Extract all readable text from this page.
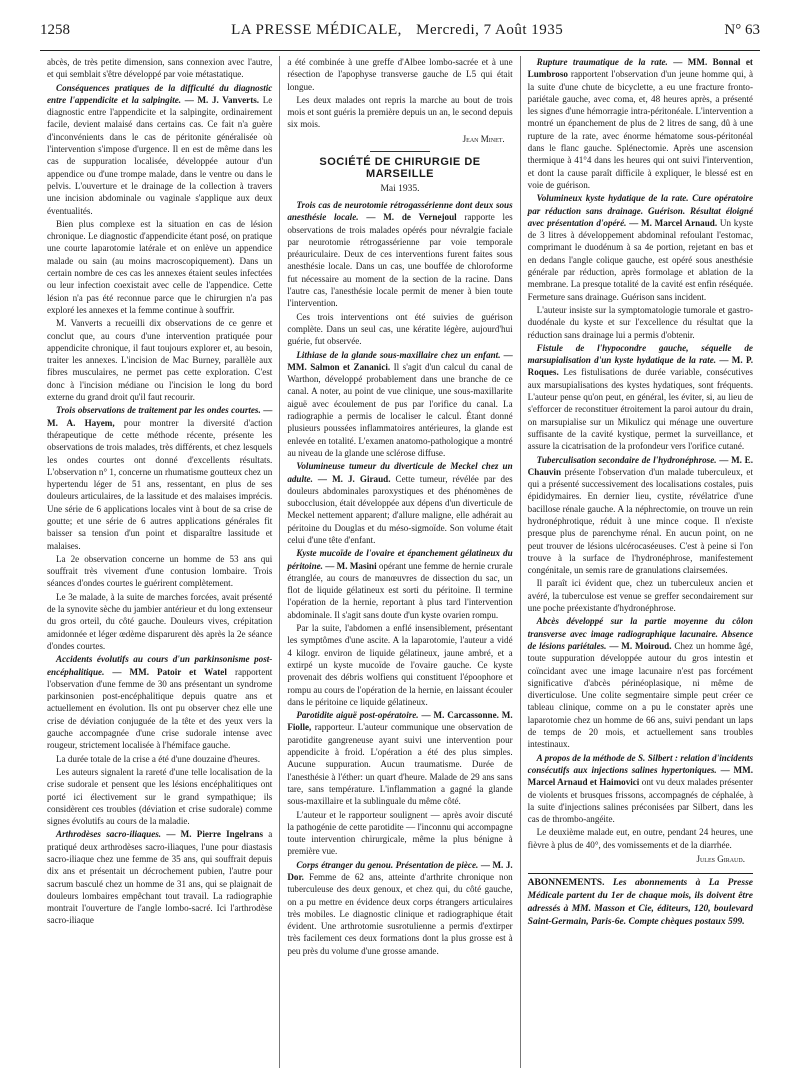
1258	LA PRESSE MÉDICALE, Mercredi, 7 Août 1935	N° 63

abcès, de très petite dimension, sans connexion avec l'autre, et qui semblait s'être développé par voie métastatique.

Conséquences pratiques de la difficulté du diagnostic entre l'appendicite et la salpingite. — M. J. Vanverts. Le diagnostic entre l'appendicite et la salpingite, ordinairement facile, devient malaisé dans certains cas. Ce fait n'a guère d'inconvénients dans le cas de péritonite généralisée où l'intervention s'impose d'urgence. Il en est de même dans les cas de suppuration localisée, développée autour d'un appendice ou d'une trompe malade, dans le ventre ou dans le pelvis. L'ouverture et le drainage de la collection à travers une incision abdominale ou vaginale s'applique aux deux éventualités.

Bien plus complexe est la situation en cas de lésion chronique. Le diagnostic d'appendicite étant posé, on pratique une courte laparotomie latérale et on enlève un appendice malade ou sain (au moins macroscopiquement). Dans un certain nombre de ces cas les annexes étaient seules infectées ou leur infection coexistait avec celle de l'appendice. Cette lésion n'a pas été reconnue parce que le chirurgien n'a pas exploré les annexes et la femme continue à souffrir.

M. Vanverts a recueilli dix observations de ce genre et conclut que, au cours d'une intervention pratiquée pour appendicite chronique, il faut toujours explorer et, au besoin, traiter les annexes. L'incision de Mac Burney, parallèle aux fibres musculaires, ne permet pas cette exploration. C'est donc à l'incision médiane ou l'incision le long du bord externe du grand droit qu'il faut recourir.

Trois observations de traitement par les ondes courtes. — M. A. Hayem, pour montrer la diversité d'action thérapeutique de cette méthode récente, présente les observations de trois malades, très différents, et chez lesquels les ondes courtes ont donné d'excellents résultats. L'observation n° 1, concerne un rhumatisme goutteux chez un hypertendu léger de 51 ans, ressentant, en plus de ses douleurs articulaires, de la lassitude et des malaises imprécis. Une série de 6 applications locales vint à bout de sa crise de goutte; et une série de 6 autres applications générales fit baisser sa tension d'un point et disparaître lassitude et malaises.

La 2e observation concerne un homme de 53 ans qui souffrait très vivement d'une contusion lombaire. Trois séances d'ondes courtes le guérirent complètement.

Le 3e malade, à la suite de marches forcées, avait présenté de la synovite sèche du jambier antérieur et du long extenseur du gros orteil, du côté gauche. Douleurs vives, crépitation amidonnée et léger œdème disparurent dès après la 2e séance d'ondes courtes.

Accidents évolutifs au cours d'un parkinsonisme post-encéphalitique. — MM. Patoir et Watel rapportent l'observation d'une femme de 30 ans présentant un syndrome parkinsonien post-encéphalitique depuis quatre ans et actuellement en évolution. Ils ont pu observer chez elle une crise de déviation conjuguée de la tête et des yeux vers la gauche accompagnée d'une crise sudorale intense avec rougeur, strictement localisée à l'hémiface gauche.

La durée totale de la crise a été d'une douzaine d'heures.

Les auteurs signalent la rareté d'une telle localisation de la crise sudorale et pensent que les lésions encéphalitiques ont porté ici électivement sur le grand sympathique; ils considèrent ces troubles (déviation et crise sudorale) comme signes évolutifs au cours de la maladie.

Arthrodèses sacro-iliaques. — M. Pierre Ingelrans a pratiqué deux arthrodèses sacro-iliaques, l'une pour diastasis sacro-iliaque chez une femme de 35 ans, qui souffrait depuis dix ans et présentait un décrochement pubien, l'autre pour sacrum basculé chez un homme de 31 ans, qui se plaignait de douleurs lombaires empêchant tout travail. La radiographie montrait l'ouverture de l'angle lombo-sacré. Ici l'arthrodèse sacro-iliaque

a été combinée à une greffe d'Albee lombo-sacrée et à une résection de l'apophyse transverse gauche de L5 qui était longue.

Les deux malades ont repris la marche au bout de trois mois et sont guéris la première depuis un an, le second depuis six mois.

Jean Minet.
SOCIÉTÉ DE CHIRURGIE DE MARSEILLE
Mai 1935.

Trois cas de neurotomie rétrogassérienne dont deux sous anesthésie locale. — M. de Vernejoul rapporte les observations de trois malades opérés pour névralgie faciale par neurotomie rétrogassérienne par voie temporale préauriculaire. Deux de ces interventions furent faites sous anesthésie locale. Dans un cas, une bouffée de chloroforme fut nécessaire au moment de la section de la racine. Dans l'autre cas, l'anesthésie locale permit de mener à bien toute l'intervention.

Ces trois interventions ont été suivies de guérison complète. Dans un seul cas, une kératite légère, aujourd'hui guérie, fut observée.

Lithiase de la glande sous-maxillaire chez un enfant. — MM. Salmon et Zananici. Il s'agit d'un calcul du canal de Warthon, développé probablement dans une branche de ce canal. A noter, au point de vue clinique, une sous-maxillarite aiguë avec écoulement de pus par l'orifice du canal. La radiographie a permis de localiser le calcul. Étant donné plusieurs poussées inflammatoires antérieures, la glande est enlevée en totalité. L'examen anatomo-pathologique a montré au niveau de la glande une sclérose diffuse.

Volumineuse tumeur du diverticule de Meckel chez un adulte. — M. J. Giraud. Cette tumeur, révélée par des douleurs abdominales paroxystiques et des phénomènes de subocclusion, était développée aux dépens d'un diverticule de Meckel nettement apparent; d'allure maligne, elle adhérait au péritoine du Douglas et du méso-sigmoïde. Son volume était celui d'une tête d'enfant.

Kyste mucoïde de l'ovaire et épanchement gélatineux du péritoine. — M. Masini opérant une femme de hernie crurale étranglée, au cours de manœuvres de dissection du sac, un flot de liquide gélatineux est sorti du péritoine. Il termine l'opération de la hernie, reportant à plus tard l'intervention abdominale. Il s'agit sans doute d'un kyste ovarien rompu.

Par la suite, l'abdomen a enflé insensiblement, présentant les symptômes d'une ascite. A la laparotomie, l'auteur a vidé 4 kilogr. environ de liquide gélatineux, jaune ambré, et a extirpé un kyste mucoïde de l'ovaire gauche. Ce kyste provenait des débris wolfiens qui constituent l'époophore et rompu au cours de l'opération de la hernie, en laissant écouler dans le péritoine ce liquide gélatineux.

Parotidite aiguë post-opératoire. — M. Carcassonne. M. Fiolle, rapporteur. L'auteur communique une observation de parotidite gangreneuse ayant suivi une intervention pour appendicite à froid. L'opération a été des plus simples. Aucune suppuration. Aucun traumatisme. Durée de l'anesthésie à l'éther: un quart d'heure. Malade de 29 ans sans tare, sans température. L'inflammation a gagné la glande sous-maxillaire et la sublinguale du même côté.

L'auteur et le rapporteur soulignent — après avoir discuté la pathogénie de cette parotidite — l'inconnu qui accompagne toute intervention chirurgicale, même la plus bénigne à première vue.

Corps étranger du genou. Présentation de pièce. — M. J. Dor. Femme de 62 ans, atteinte d'arthrite chronique non tuberculeuse des deux genoux, et chez qui, du côté gauche, on a pu mettre en évidence deux corps étrangers articulaires très mobiles. Le diagnostic clinique et radiographique était évident. Une arthrotomie susrotulienne a permis d'extirper très facilement ces deux formations dont la plus grosse est à peu près du volume d'une grosse amande.

Rupture traumatique de la rate. — MM. Bonnal et Lumbroso rapportent l'observation d'un jeune homme qui, à la suite d'une chute de bicyclette, a eu une fracture fronto-pariétale gauche, avec coma, et, 48 heures après, a présenté les signes d'une hémorragie intra-péritonéale. L'intervention a montré un épanchement de plus de 2 litres de sang, dû à une rupture de la rate, avec énorme hématome sous-péritonéal dans le flanc gauche. Splénectomie. Après une ascension thermique à 41°4 dans les heures qui ont suivi l'intervention, et dont la cause paraît difficile à expliquer, le blessé est en voie de guérison.

Volumineux kyste hydatique de la rate. Cure opératoire par réduction sans drainage. Guérison. Résultat éloigné avec présentation d'opéré. — M. Marcel Arnaud. Un kyste de 3 litres à développement abdominal refoulant l'estomac, comprimant le duodénum à sa 4e portion, rejetant en bas et en dedans l'angle colique gauche, est opéré sous anesthésie générale par réduction, après formolage et ablation de la membrane. La presque totalité de la cavité est enfin réséquée. Fermeture sans drainage. Guérison sans incident.

L'auteur insiste sur la symptomatologie tumorale et gastro-duodénale du kyste et sur l'excellence du résultat que la réduction sans drainage lui a permis d'obtenir.

Fistule de l'hypocondre gauche, séquelle de marsupialisation d'un kyste hydatique de la rate. — M. P. Roques. Les fistulisations de durée variable, consécutives aux marsupialisations des kystes hydatiques, sont fréquents. L'auteur pense qu'on peut, en général, les éviter, si, au lieu de s'efforcer de reconstituer étroitement la paroi autour du drain, on marsupialise sur un Mikulicz qui ménage une ouverture suffisante de la cavité kystique, permet la surveillance, et assure la cicatrisation de la profondeur vers l'orifice cutané.

Tuberculisation secondaire de l'hydronéphrose. — M. E. Chauvin présente l'observation d'un malade tuberculeux, et qui a présenté successivement des localisations costales, puis épididymaires. En dernier lieu, cystite, révélatrice d'une bacillose rénale gauche. A la néphrectomie, on trouve un rein hydronéphrotique, réduit à une mince coque. Il n'existe presque plus de parenchyme rénal. En aucun point, on ne peut trouver de lésions ulcérocaséeuses. C'est à peine si l'on trouve à la surface de l'hydronéphrose, manifestement congénitale, un semis rare de granulations clairsemées.

Il paraît ici évident que, chez un tuberculeux ancien et avéré, la tuberculose est venue se greffer secondairement sur une poche préexistante d'hydronéphrose.

Abcès développé sur la partie moyenne du côlon transverse avec image radiographique lacunaire. Absence de lésions pariétales. — M. Moiroud. Chez un homme âgé, toute suppuration développée autour du gros intestin et coïncidant avec une image lacunaire n'est pas forcément significative d'abcès périnéoplasique, ni même de diverticulose. Une colite segmentaire simple peut créer ce tableau clinique, comme on a pu le constater après une laparotomie chez un homme de 66 ans, suivi pendant un laps de temps de 20 mois, et actuellement sans troubles intestinaux.

A propos de la méthode de S. Silbert : relation d'incidents consécutifs aux injections salines hypertoniques. — MM. Marcel Arnaud et Haimovici ont vu deux malades présenter de violents et brusques frissons, accompagnés de céphalée, à la suite d'injections salines préconisées par Silbert, dans les cas de thrombo-angéite.

Le deuxième malade eut, en outre, pendant 24 heures, une fièvre à plus de 40°, des vomissements et de la diarrhée.

Jules Giraud.

ABONNEMENTS. Les abonnements à La Presse Médicale partent du 1er de chaque mois, ils doivent être adressés à MM. Masson et Cie, éditeurs, 120, boulevard Saint-Germain, Paris-6e. Compte chèques postaux 599.
